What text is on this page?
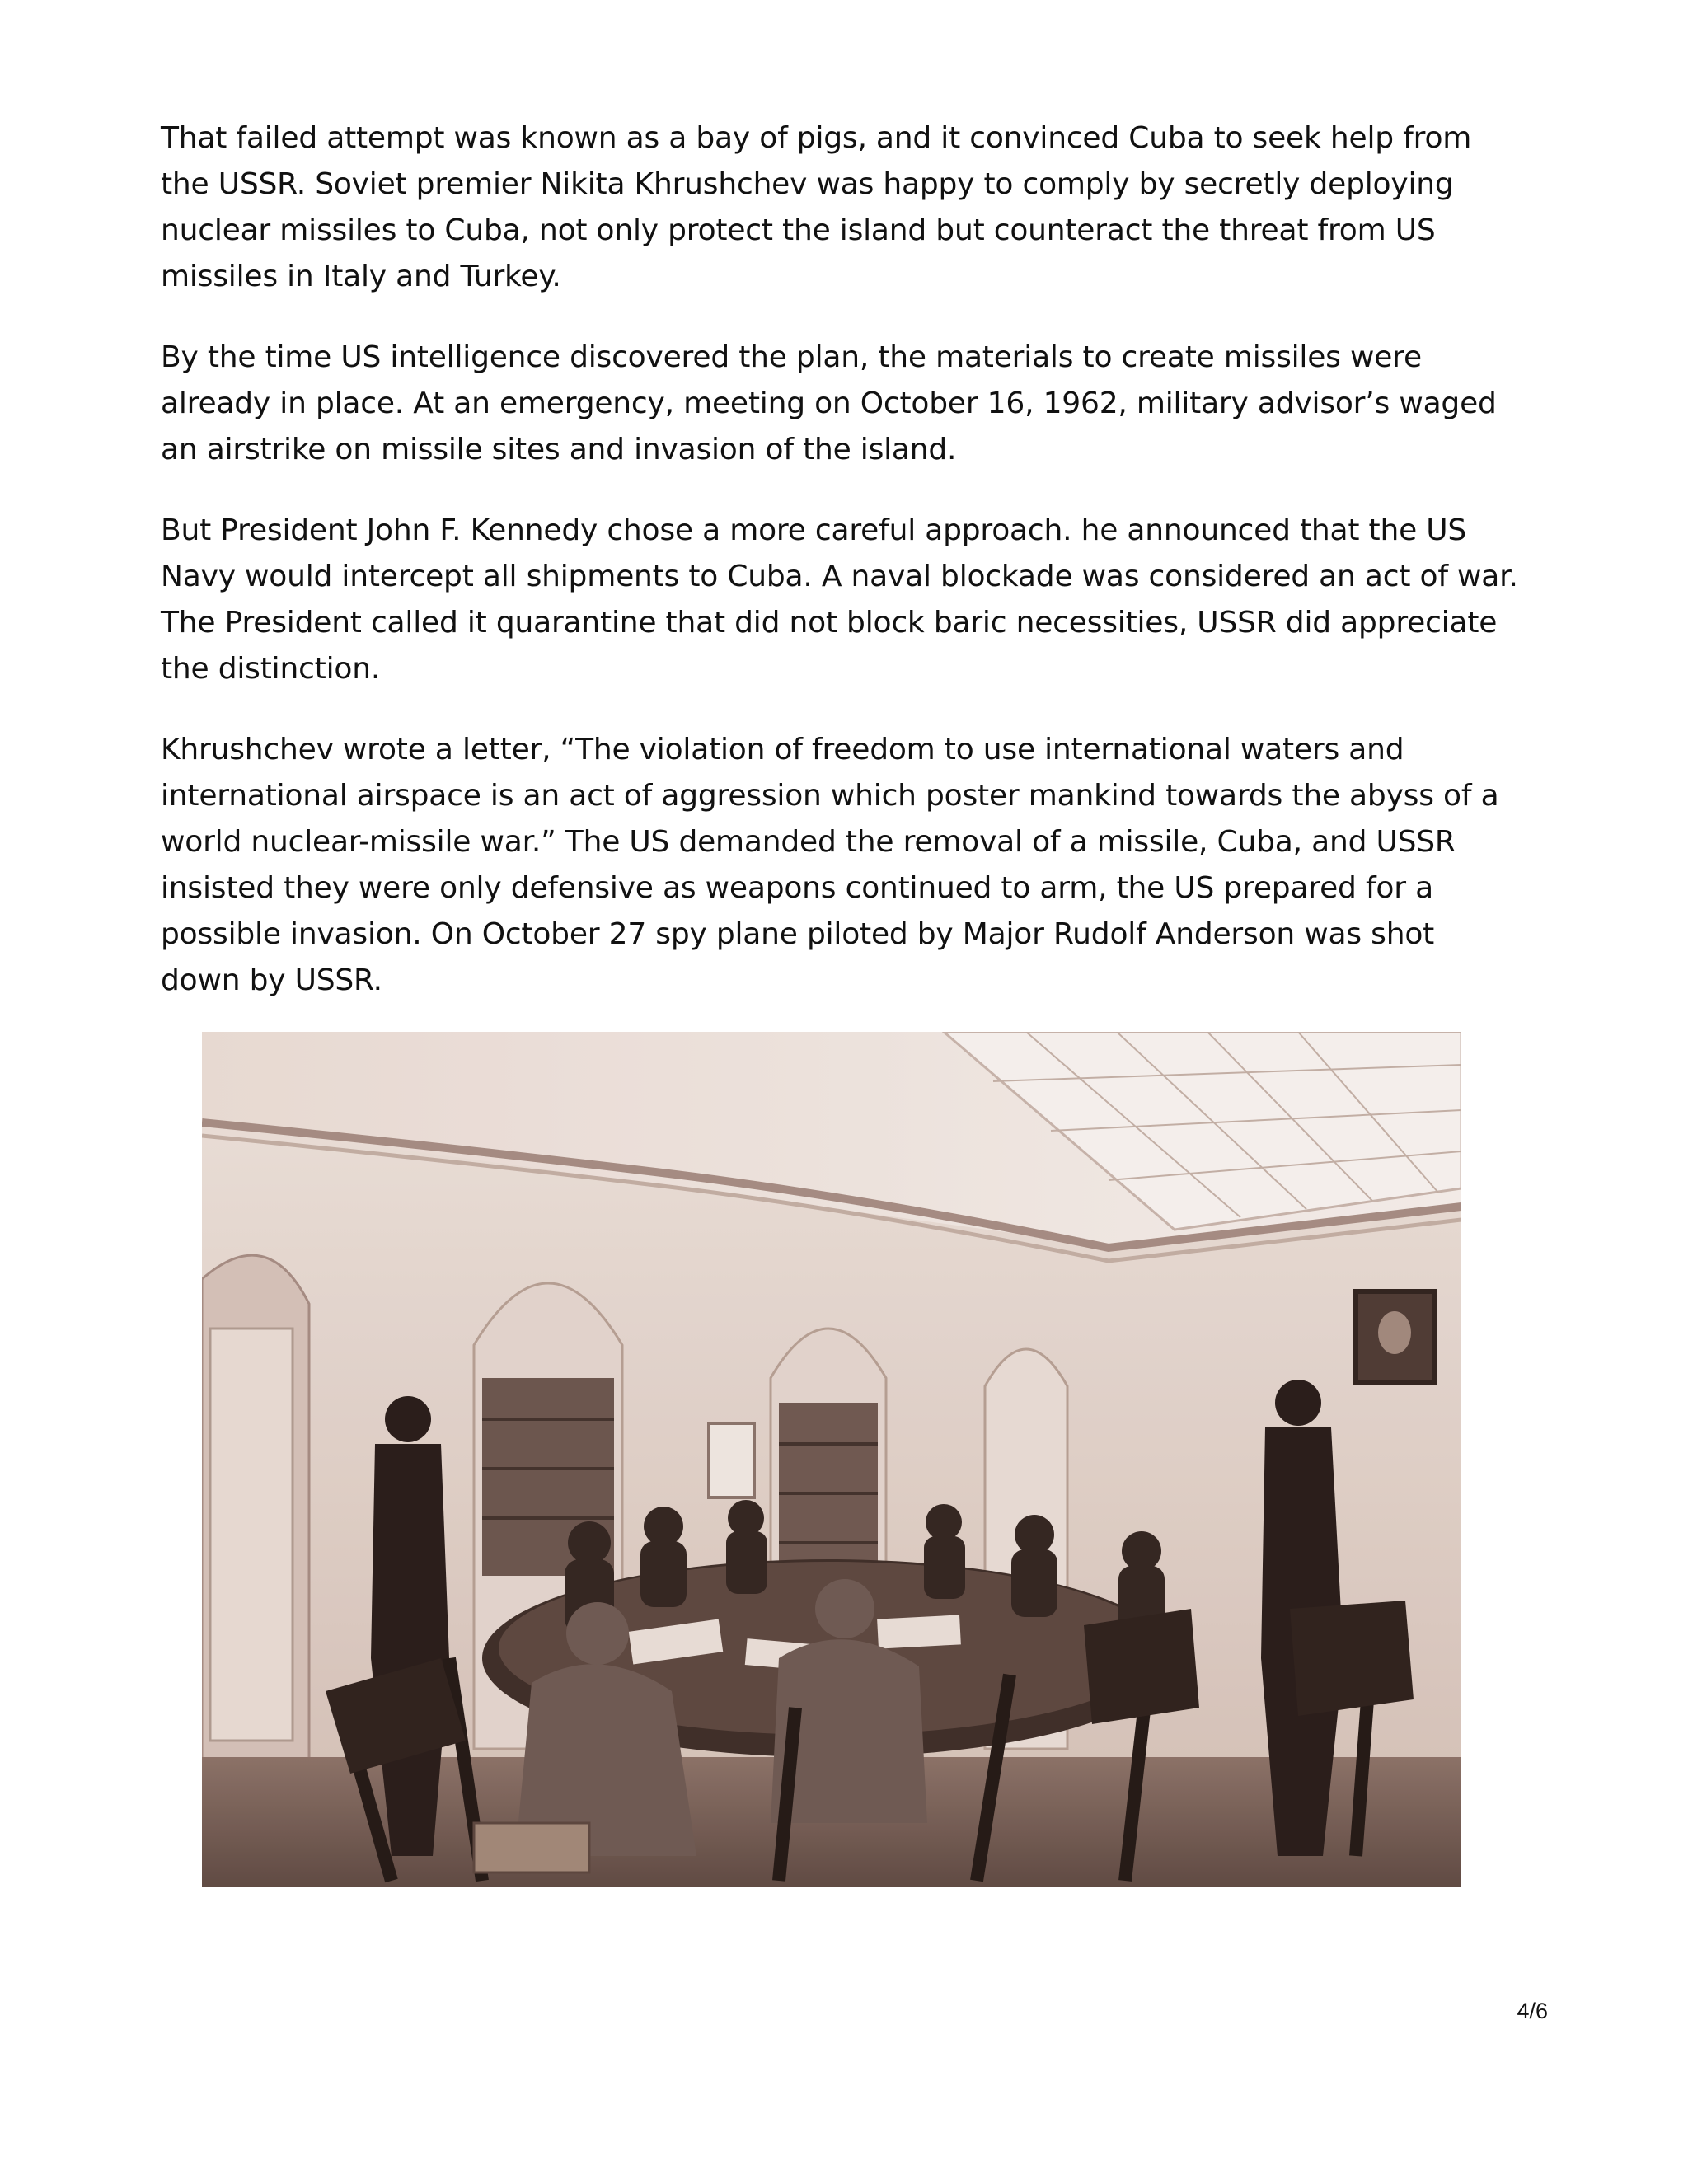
That failed attempt was known as a bay of pigs, and it convinced Cuba to seek help from the USSR. Soviet premier Nikita Khrushchev was happy to comply by secretly deploying nuclear missiles to Cuba, not only protect the island but counteract the threat from US missiles in Italy and Turkey.

By the time US intelligence discovered the plan, the materials to create missiles were already in place. At an emergency, meeting on October 16, 1962, military advisor’s waged an airstrike on missile sites and invasion of the island.

But President John F. Kennedy chose a more careful approach. he announced that the US Navy would intercept all shipments to Cuba. A naval blockade was considered an act of war. The President called it quarantine that did not block baric necessities, USSR did appreciate the distinction.

Khrushchev wrote a letter, “The violation of freedom to use international waters and international airspace is an act of aggression which poster mankind towards the abyss of a world nuclear-missile war.” The US demanded the removal of a missile, Cuba, and USSR insisted they were only defensive as weapons continued to arm, the US prepared for a possible invasion. On October 27 spy plane piloted by Major Rudolf Anderson was shot down by USSR.

4/6
